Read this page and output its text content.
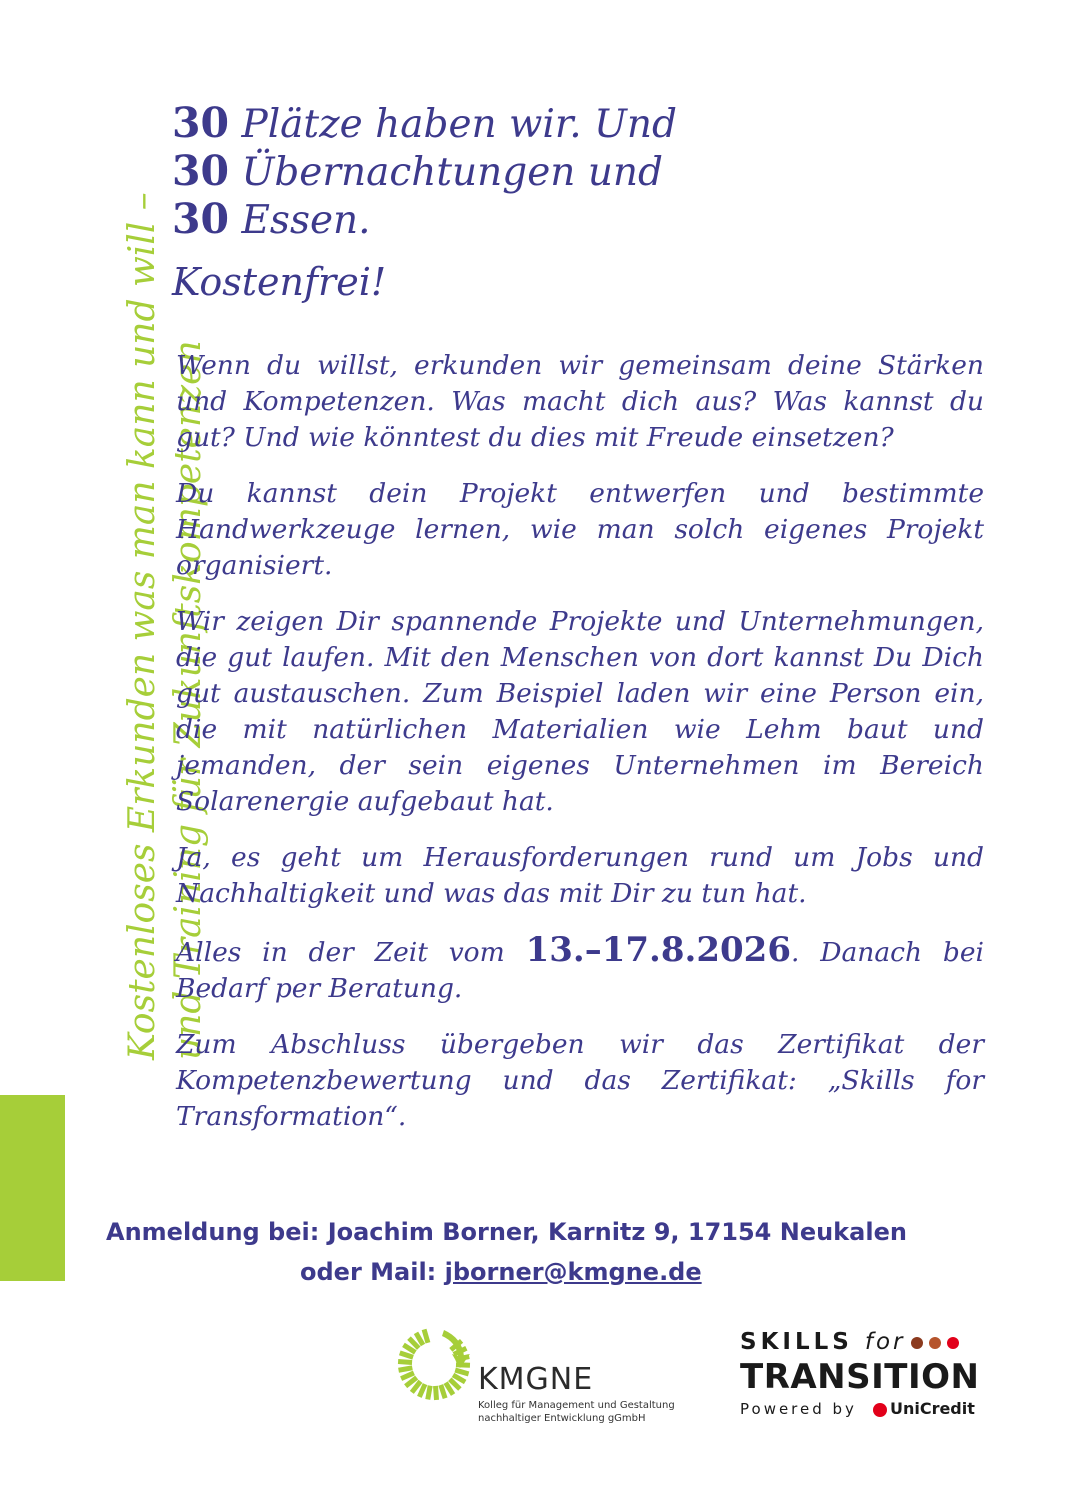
Kostenloses Erkunden was man kann und will – und Training für Zukunftskompetenzen
30 Plätze haben wir. Und
30 Übernachtungen und
30 Essen.
Kostenfrei!

Wenn du willst, erkunden wir gemeinsam deine Stärken und Kompetenzen. Was macht dich aus? Was kannst du gut? Und wie könntest du dies mit Freude einsetzen?

Du kannst dein Projekt entwerfen und bestimmte Handwerkzeuge lernen, wie man solch eigenes Projekt organisiert.

Wir zeigen Dir spannende Projekte und Unternehmungen, die gut laufen. Mit den Menschen von dort kannst Du Dich gut austauschen. Zum Beispiel laden wir eine Person ein, die mit natürlichen Materialien wie Lehm baut und jemanden, der sein eigenes Unternehmen im Bereich Solarenergie aufgebaut hat.

Ja, es geht um Herausforderungen rund um Jobs und Nachhaltigkeit und was das mit Dir zu tun hat.

Alles in der Zeit vom 13.–17.8.2026. Danach bei Bedarf per Beratung.

Zum Abschluss übergeben wir das Zertifikat der Kompetenzbewertung und das Zertifikat: „Skills for Transformation“.

Anmeldung bei: Joachim Borner, Karnitz 9, 17154 Neukalen
oder Mail: jborner@kmgne.de
KMGNE
Kolleg für Management und Gestaltung
nachhaltiger Entwicklung gGmbH
SKILLS for
TRANSITION
Powered by UniCredit
